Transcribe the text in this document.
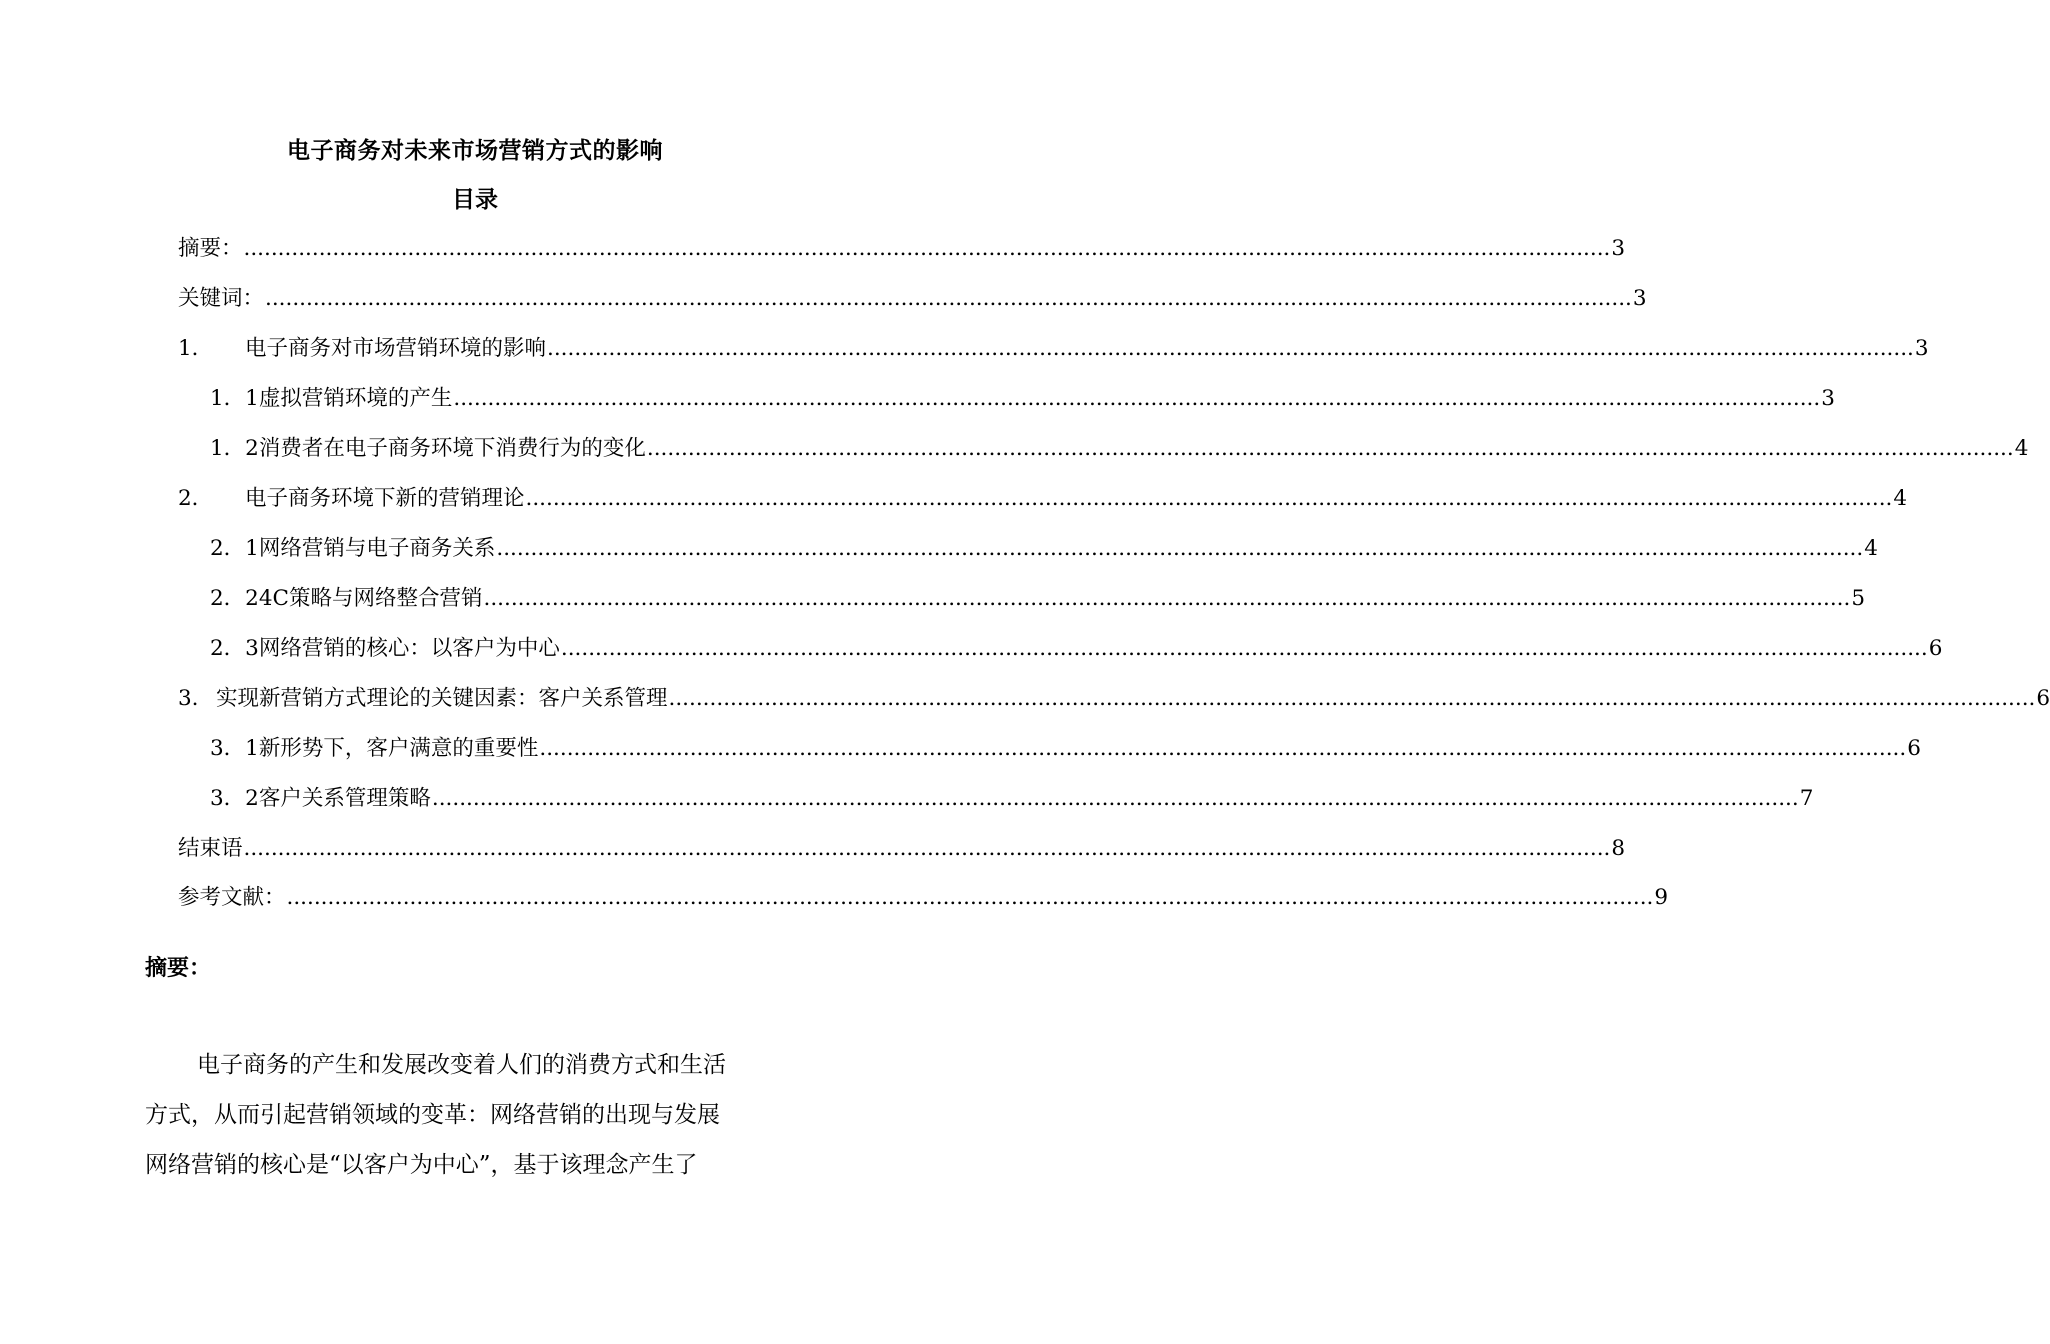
电子商务对未来市场营销方式的影响
目录
摘要： ........................................................................................................................................................................................................ 3
关键词： ........................................................................................................................................................................................................ 3
1．	电子商务对市场营销环境的影响 ........................................................................................................................................................................................................ 3
1．1 虚拟营销环境的产生 ........................................................................................................................................................................................................ 3
1．2 消费者在电子商务环境下消费行为的变化 ........................................................................................................................................................................................................ 4
2．	电子商务环境下新的营销理论 ........................................................................................................................................................................................................ 4
2．1 网络营销与电子商务关系 ........................................................................................................................................................................................................ 4
2．2 4C策略与网络整合营销 ........................................................................................................................................................................................................ 5
2．3 网络营销的核心：以客户为中心 ........................................................................................................................................................................................................ 6
3. 实现新营销方式理论的关键因素：客户关系管理 ........................................................................................................................................................................................................ 6
3．1 新形势下，客户满意的重要性 ........................................................................................................................................................................................................ 6
3．2 客户关系管理策略 ........................................................................................................................................................................................................ 7
结束语 ........................................................................................................................................................................................................ 8
参考文献： ........................................................................................................................................................................................................ 9
摘要：
电子商务的产生和发展改变着人们的消费方式和生活
方式，从而引起营销领域的变革：网络营销的出现与发展
网络营销的核心是“以客户为中心”，基于该理念产生了
